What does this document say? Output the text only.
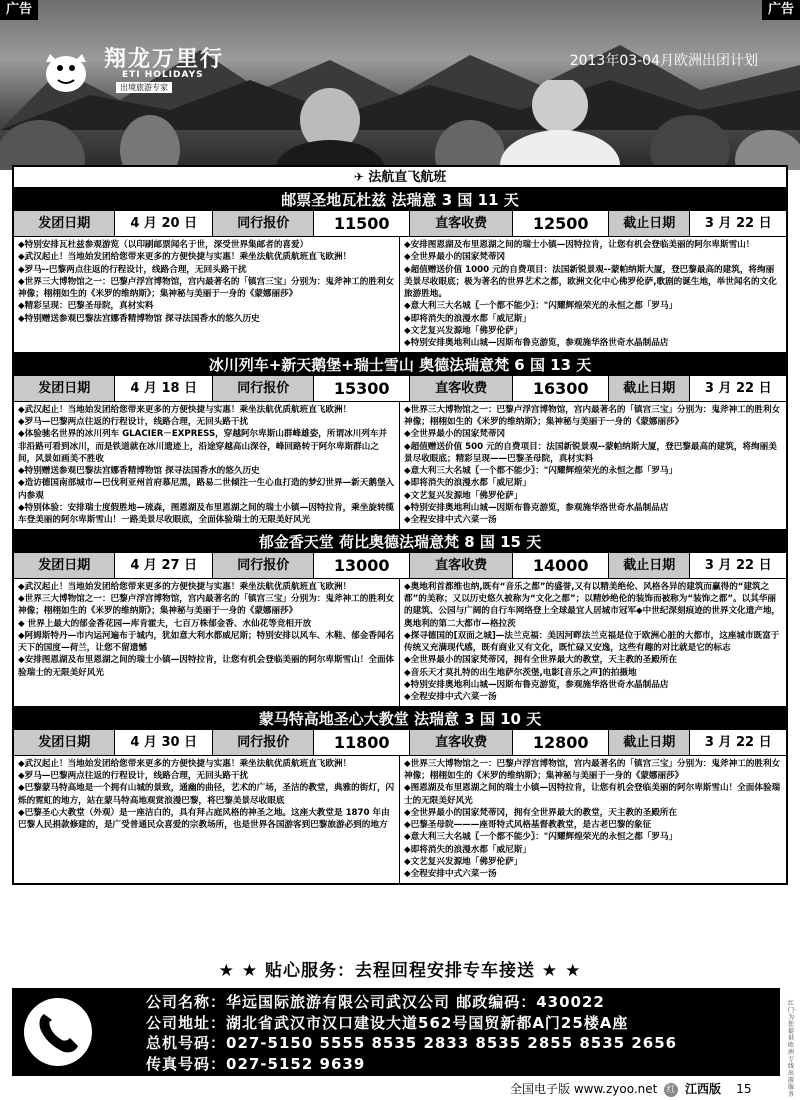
广告	广告
翔龙万里行
ETI HOLIDAYS
出境旅游专家
2013年03-04月欧洲出团计划
✈ 法航直飞航班
邮票圣地瓦杜兹 法瑞意 3 国 11 天
发团日期	4 月 20 日	同行报价	11500	直客收费	12500	截止日期	3 月 22 日

◆特别安排瓦杜兹参观游览（以印刷邮票闻名于世，深受世界集邮者的喜爱）

◆武汉起止！当地始发团给您带来更多的方便快捷与实惠！乘坐法航优质航班直飞欧洲！

◆罗马--巴黎两点往返的行程设计，线路合理，无回头路干扰

◆世界三大博物馆之一：巴黎卢浮宫博物馆，宫内最著名的「镇宫三宝」分别为：鬼斧神工的胜利女神像；栩栩如生的《米罗的维纳斯》；集神秘与美丽于一身的《蒙娜丽莎》

◆精彩呈现：巴黎圣母院，真材实料

◆特别赠送参观巴黎法宫娜香精博物馆 探寻法国香水的悠久历史

◆安排图恩湖及布里恩湖之间的瑞士小镇—因特拉肯，让您有机会登临美丽的阿尔卑斯雪山！

◆全世界最小的国家梵蒂冈

◆超值赠送价值 1000 元的自费项目：法国新锐景观--蒙帕纳斯大厦，登巴黎最高的建筑，将绚丽美景尽收眼底；极为著名的世界艺术之都，欧洲文化中心佛罗伦萨,歌剧的诞生地，举世闻名的文化旅游胜地。

◆意大利三大名城〖一个都不能少〗："闪耀辉煌荣光的永恒之都「罗马」

◆即将消失的浪漫水都「威尼斯」

◆文艺复兴发源地「佛罗伦萨」

◆特别安排奥地利山城—因斯布鲁克游览，参观施华洛世奇水晶制品店

冰川列车+新天鹅堡+瑞士雪山 奥德法瑞意梵 6 国 13 天
发团日期	4 月 18 日	同行报价	15300	直客收费	16300	截止日期	3 月 22 日

◆武汉起止！当地始发团给您带来更多的方便快捷与实惠！乘坐法航优质航班直飞欧洲！

◆罗马—巴黎两点往返的行程设计，线路合理，无回头路干扰

◆体验驰名世界的冰川列车 GLACIER－EXPRESS，穿越阿尔卑斯山群峰雄姿，所谓冰川列车并非沿路可看到冰川，而是铁道就在冰川遗迹上，沿途穿越高山深谷，峰回路转于阿尔卑斯群山之间，风景如画美不胜收

◆特别赠送参观巴黎法宫娜香精博物馆 探寻法国香水的悠久历史

◆造访德国南部城市—巴伐利亚州首府慕尼黑，路易二世倾注一生心血打造的梦幻世界—新天鹅堡入内参观

◆特别体验：安排瑞士度假胜地—琉森，图恩湖及布里恩湖之间的瑞士小镇—因特拉肯，乘坐旋转缆车登美丽的阿尔卑斯雪山！一路美景尽收眼底，全面体验瑞士的无限美好风光

◆世界三大博物馆之一：巴黎卢浮宫博物馆，宫内最著名的「镇宫三宝」分别为：鬼斧神工的胜利女神像；栩栩如生的《米罗的维纳斯》；集神秘与美丽于一身的《蒙娜丽莎》

◆全世界最小的国家梵蒂冈

◆超值赠送价值 500 元的自费项目：法国新锐景观--蒙帕纳斯大厦，登巴黎最高的建筑，将绚丽美景尽收眼底；精彩呈现——巴黎圣母院，真材实料

◆意大利三大名城〖一个都不能少〗："闪耀辉煌荣光的永恒之都「罗马」

◆即将消失的浪漫水都「威尼斯」

◆文艺复兴发源地「佛罗伦萨」

◆特别安排奥地利山城—因斯布鲁克游览，参观施华洛世奇水晶制品店

◆全程安排中式六菜一汤

郁金香天堂 荷比奥德法瑞意梵 8 国 15 天
发团日期	4 月 27 日	同行报价	13000	直客收费	14000	截止日期	3 月 22 日

◆武汉起止！当地始发团给您带来更多的方便快捷与实惠！乘坐法航优质航班直飞欧洲！

◆世界三大博物馆之一：巴黎卢浮宫博物馆，宫内最著名的「镇宫三宝」分别为：鬼斧神工的胜利女神像；栩栩如生的《米罗的维纳斯》；集神秘与美丽于一身的《蒙娜丽莎》

◆ 世界上最大的郁金香花园—库肯霍夫，七百万株郁金香、水仙花等竞相开放

◆阿姆斯特丹—市内运河遍布于城内，犹如意大利水都威尼斯；特别安排以风车、木鞋、郁金香闻名天下的国度—荷兰，让您不留遗憾

◆安排图恩湖及布里恩湖之间的瑞士小镇—因特拉肯，让您有机会登临美丽的阿尔卑斯雪山！全面体验瑞士的无限美好风光

◆奥地利首都维也纳,既有“音乐之都”的盛誉,又有以精美绝伦、风格各异的建筑而赢得的“建筑之都”的美称；又以历史悠久被称为“文化之都”；以精妙绝伦的装饰而被称为“装饰之都”。以其华丽的建筑、公园与广阔的自行车网络登上全球最宜人居城市冠军◆中世纪深刻痕迹的世界文化遗产地，奥地利的第二大都市—格拉茨

◆探寻德国的[双面之城]—法兰克福：美因河畔法兰克福是位于欧洲心脏的大都市，这座城市既富于传统又充满现代感，既有商业又有文化，既忙碌又安逸，这些有趣的对比就是它的标志

◆全世界最小的国家梵蒂冈，拥有全世界最大的教堂，天主教的圣殿所在

◆音乐天才莫扎特的出生地萨尔茨堡,电影[音乐之声]的拍摄地

◆特别安排奥地利山城—因斯布鲁克游览，参观施华洛世奇水晶制品店

◆全程安排中式六菜一汤

蒙马特高地圣心大教堂 法瑞意 3 国 10 天
发团日期	4 月 30 日	同行报价	11800	直客收费	12800	截止日期	3 月 22 日

◆武汉起止！当地始发团给您带来更多的方便快捷与实惠！乘坐法航优质航班直飞欧洲！

◆罗马—巴黎两点往返的行程设计，线路合理，无回头路干扰

◆巴黎蒙马特高地是一个拥有山城的景致，通幽的曲径，艺术的广场，圣洁的教堂，典雅的街灯，闪烁的霓虹的地方，站在蒙马特高地观赏浪漫巴黎，将巴黎美景尽收眼底

◆巴黎圣心大教堂（外观）是一座洁白的，具有拜占庭风格的神圣之地。这座大教堂是 1870 年由巴黎人民捐款修建的，是广受普通民众喜爱的宗教场所，也是世界各国游客到巴黎旅游必到的地方

◆世界三大博物馆之一：巴黎卢浮宫博物馆，宫内最著名的「镇宫三宝」分别为：鬼斧神工的胜利女神像；栩栩如生的《米罗的维纳斯》；集神秘与美丽于一身的《蒙娜丽莎》

◆图恩湖及布里恩湖之间的瑞士小镇—因特拉肯，让您有机会登临美丽的阿尔卑斯雪山！全面体验瑞士的无限美好风光

◆全世界最小的国家梵蒂冈，拥有全世界最大的教堂，天主教的圣殿所在

◆巴黎圣母院———座哥特式风格基督教教堂，是古老巴黎的象征

◆意大利三大名城〖一个都不能少〗："闪耀辉煌荣光的永恒之都「罗马」

◆即将消失的浪漫水都「威尼斯」

◆文艺复兴发源地「佛罗伦萨」

◆全程安排中式六菜一汤

★ ★ 贴心服务：去程回程安排专车接送 ★ ★
公司名称：华远国际旅游有限公司武汉公司 邮政编码：430022
公司地址：湖北省武汉市汉口建设大道562号国贸新都A门25楼A座
总机号码：027-5150 5555 8535 2833 8535 2855 8535 2656
传真号码：027-5152 9639
红门·为您提供欧洲专线出游服务
全国电子版 www.zyoo.net 红 江西版 15
